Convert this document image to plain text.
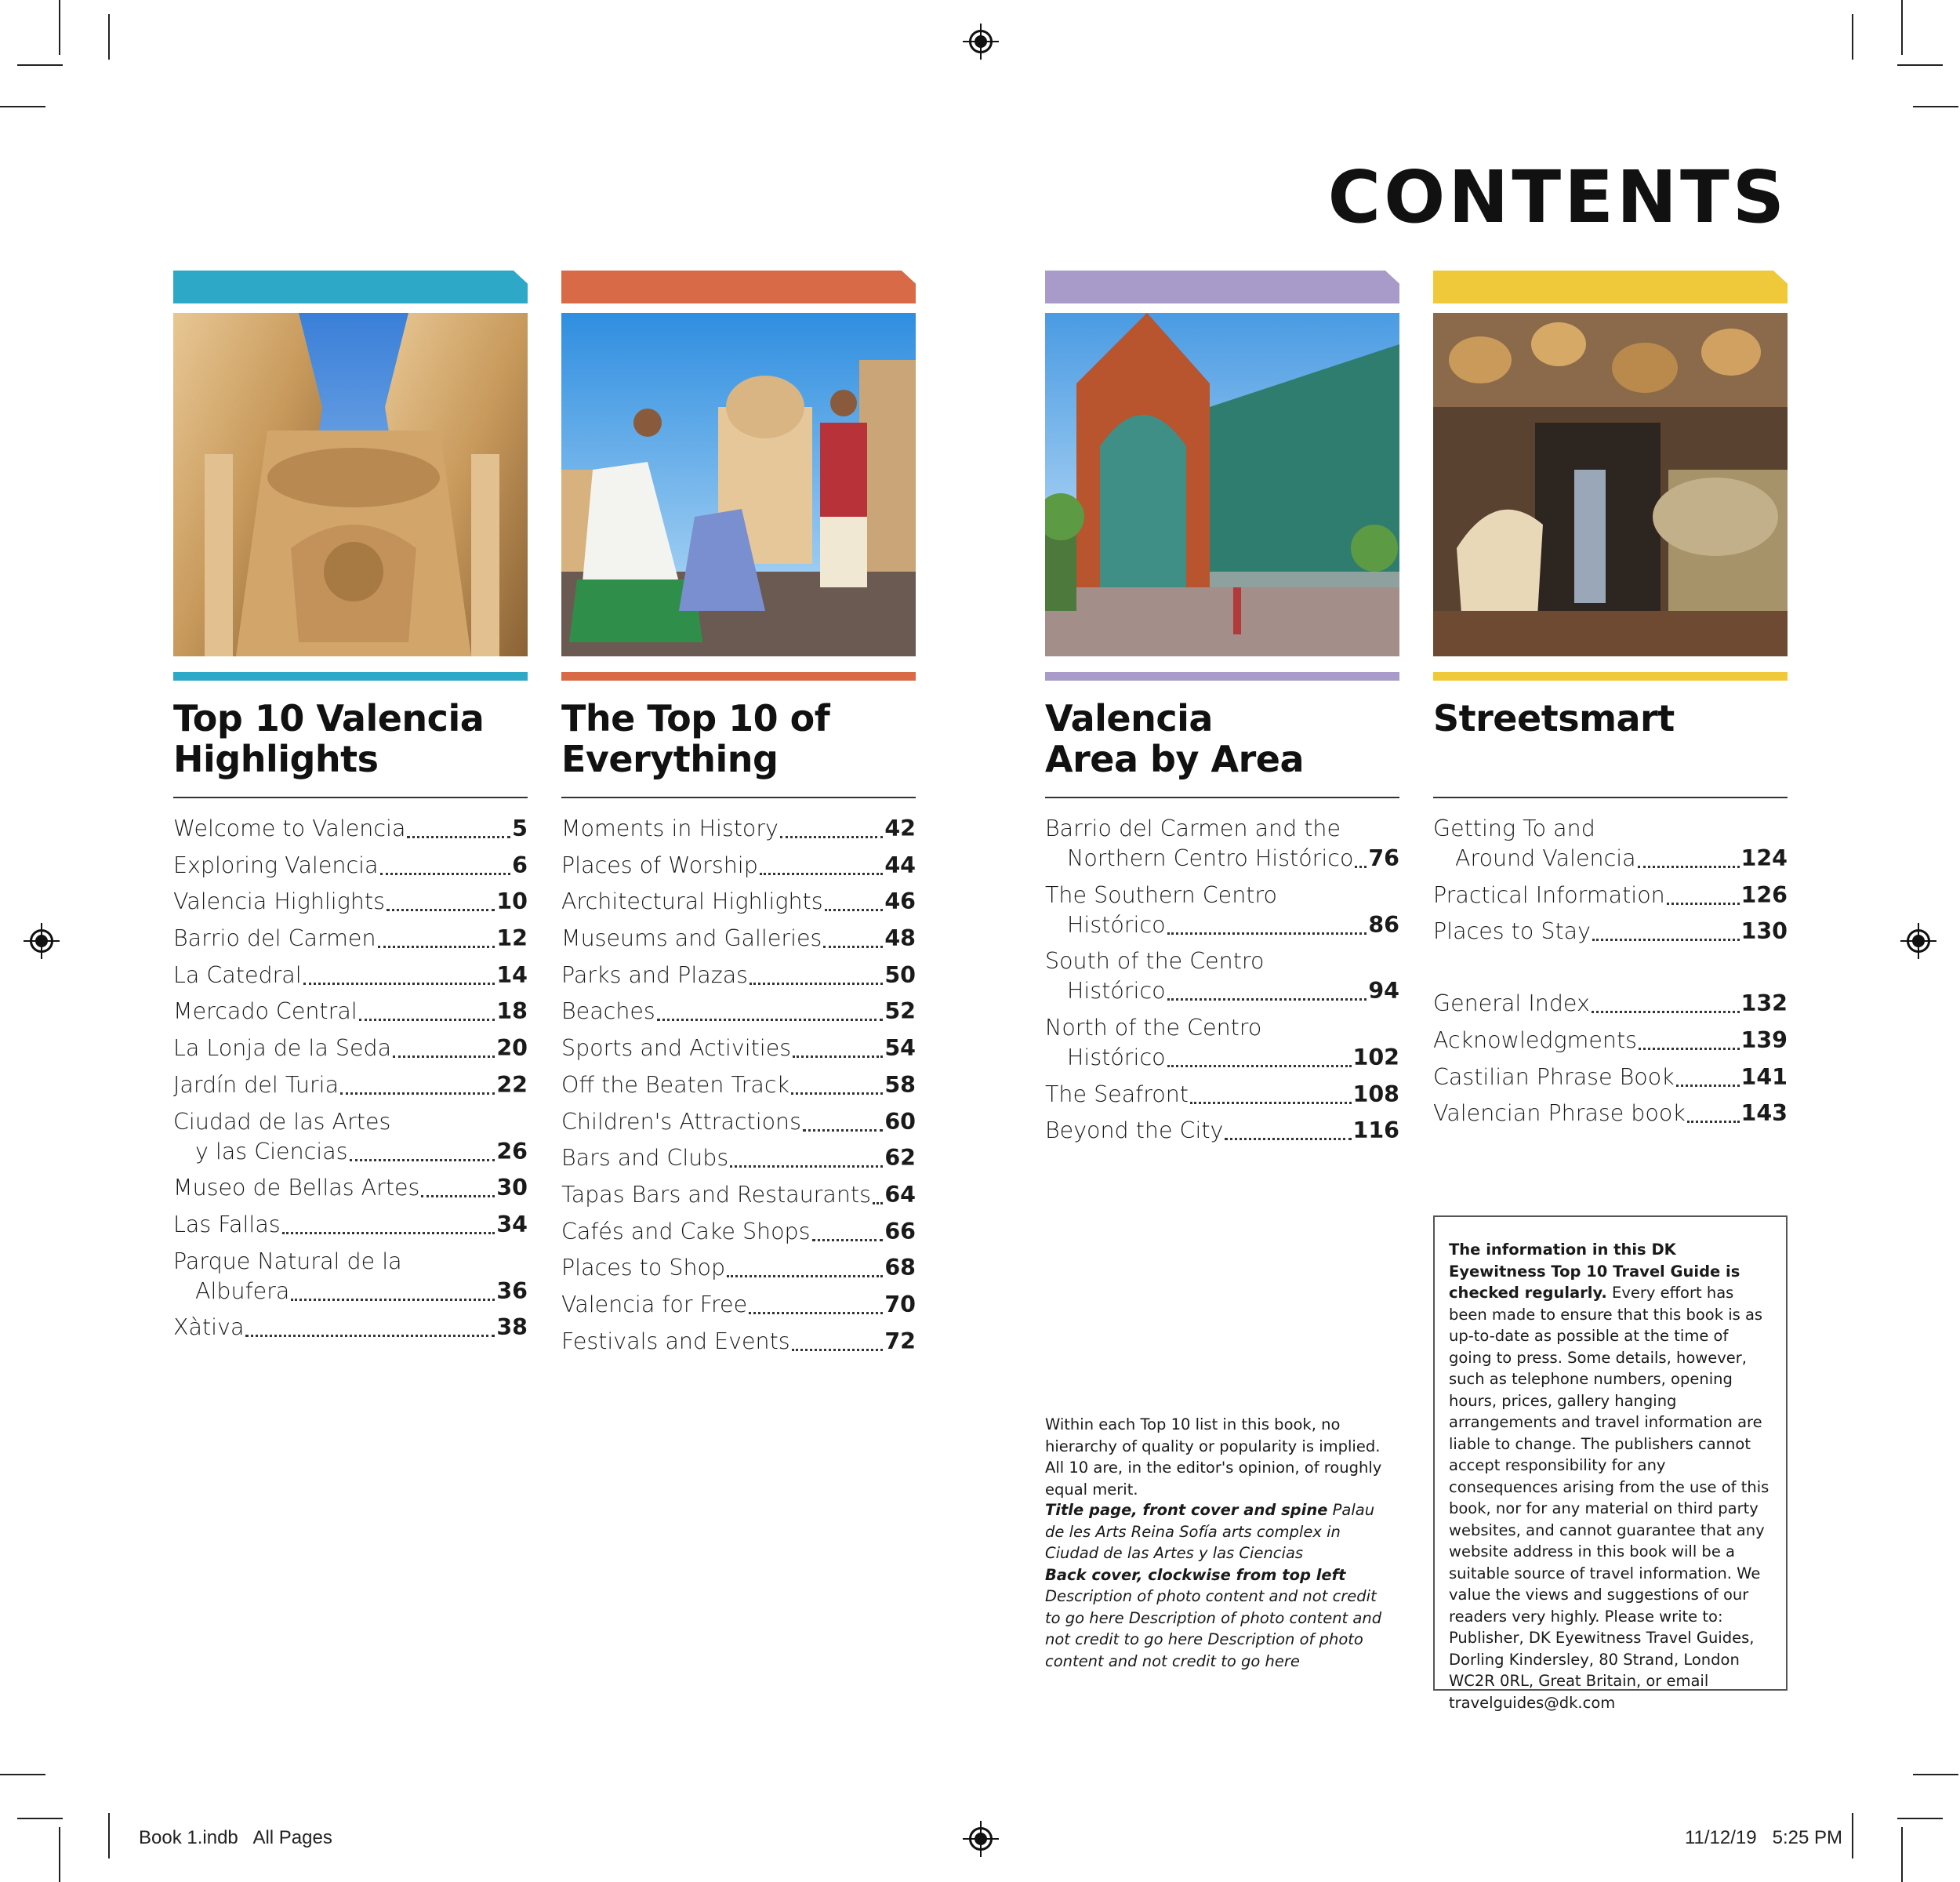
CONTENTS
Top 10 Valencia
Highlights
Welcome to Valencia	5
Exploring Valencia	6
Valencia Highlights	10
Barrio del Carmen	12
La Catedral	14
Mercado Central	18
La Lonja de la Seda	20
Jardín del Turia	22
Ciudad de las Artes
y las Ciencias	26
Museo de Bellas Artes	30
Las Fallas	34
Parque Natural de la
Albufera	36
Xàtiva	38
The Top 10 of
Everything
Moments in History	42
Places of Worship	44
Architectural Highlights	46
Museums and Galleries	48
Parks and Plazas	50
Beaches	52
Sports and Activities	54
Off the Beaten Track	58
Children's Attractions	60
Bars and Clubs	62
Tapas Bars and Restaurants 64
Cafés and Cake Shops	66
Places to Shop	68
Valencia for Free	70
Festivals and Events	72
Valencia
Area by Area
Barrio del Carmen and the
Northern Centro Histórico 76
The Southern Centro
Histórico	86
South of the Centro
Histórico	94
North of the Centro
Histórico	102
The Seafront	108
Beyond the City	116
Streetsmart

Getting To and
Around Valencia	124
Practical Information	126
Places to Stay	130
General Index	132
Acknowledgments	139
Castilian Phrase Book	141
Valencian Phrase book 143

Within each Top 10 list in this book, no hierarchy of quality or popularity is implied. All 10 are, in the editor's opinion, of roughly equal merit.

Title page, front cover and spine Palau de les Arts Reina Sofía arts complex in Ciudad de las Artes y las Ciencias
Back cover, clockwise from top left
Description of photo content and not credit to go here Description of photo content and not credit to go here Description of photo content and not credit to go here
The information in this DK Eyewitness Top 10 Travel Guide is checked regularly. Every effort has been made to ensure that this book is as up-to-date as possible at the time of going to press. Some details, however, such as telephone numbers, opening hours, prices, gallery hanging arrangements and travel information are liable to change. The publishers cannot accept responsibility for any consequences arising from the use of this book, nor for any material on third party websites, and cannot guarantee that any website address in this book will be a suitable source of travel information. We value the views and suggestions of our readers very highly. Please write to: Publisher, DK Eyewitness Travel Guides, Dorling Kindersley, 80 Strand, London WC2R 0RL, Great Britain, or email travelguides@dk.com
Book 1.indb   All Pages	11/12/19   5:25 PM
